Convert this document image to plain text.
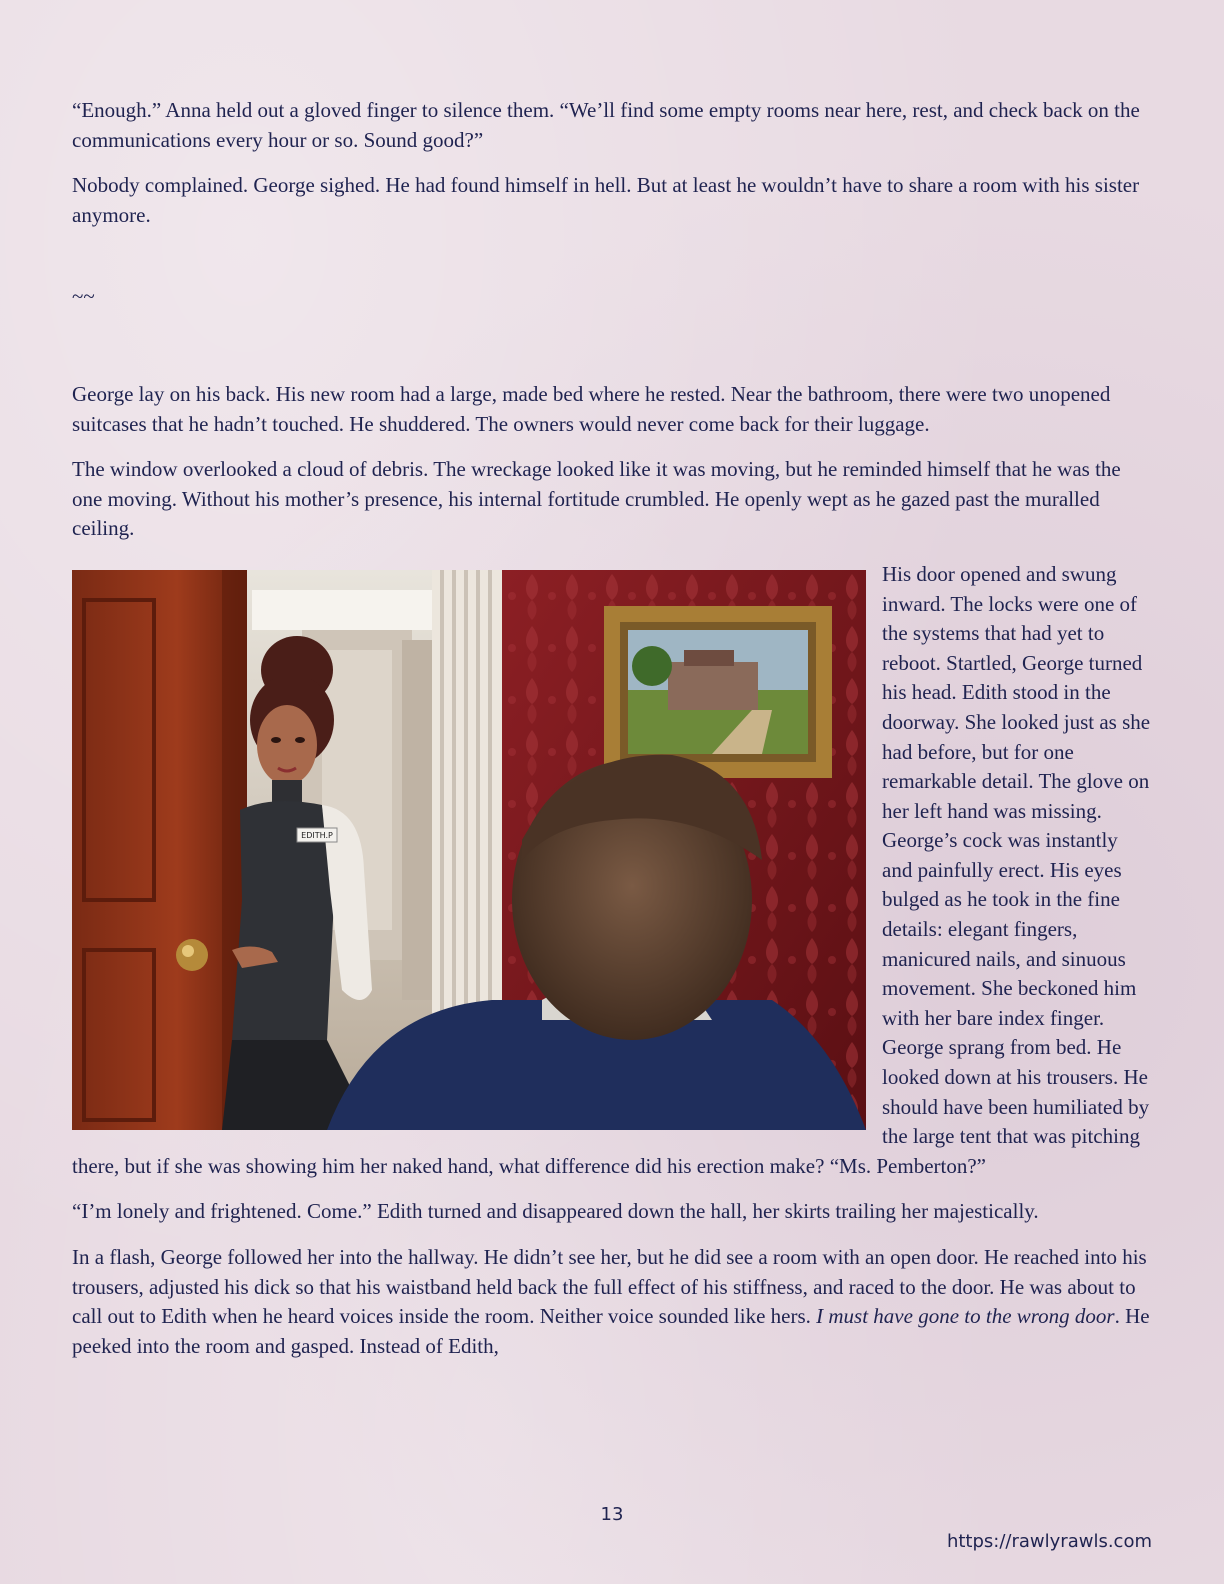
“Enough.” Anna held out a gloved finger to silence them. “We’ll find some empty rooms near here, rest, and check back on the communications every hour or so. Sound good?”

Nobody complained. George sighed. He had found himself in hell. But at least he wouldn’t have to share a room with his sister anymore.

~~

George lay on his back. His new room had a large, made bed where he rested. Near the bathroom, there were two unopened suitcases that he hadn’t touched. He shuddered. The owners would never come back for their luggage.

The window overlooked a cloud of debris. The wreckage looked like it was moving, but he reminded himself that he was the one moving. Without his mother’s presence, his internal fortitude crumbled. He openly wept as he gazed past the muralled ceiling.

EDITH.P

His door opened and swung inward. The locks were one of the systems that had yet to reboot. Startled, George turned his head. Edith stood in the doorway. She looked just as she had before, but for one remarkable detail. The glove on her left hand was missing. George’s cock was instantly and painfully erect. His eyes bulged as he took in the fine details: elegant fingers, manicured nails, and sinuous movement. She beckoned him with her bare index finger. George sprang from bed. He looked down at his trousers. He should have been humiliated by the large tent that was pitching there, but if she was showing him her naked hand, what difference did his erection make? “Ms. Pemberton?”

“I’m lonely and frightened. Come.” Edith turned and disappeared down the hall, her skirts trailing her majestically.

In a flash, George followed her into the hallway. He didn’t see her, but he did see a room with an open door. He reached into his trousers, adjusted his dick so that his waistband held back the full effect of his stiffness, and raced to the door. He was about to call out to Edith when he heard voices inside the room. Neither voice sounded like hers. I must have gone to the wrong door. He peeked into the room and gasped. Instead of Edith,

13
https://rawlyrawls.com
